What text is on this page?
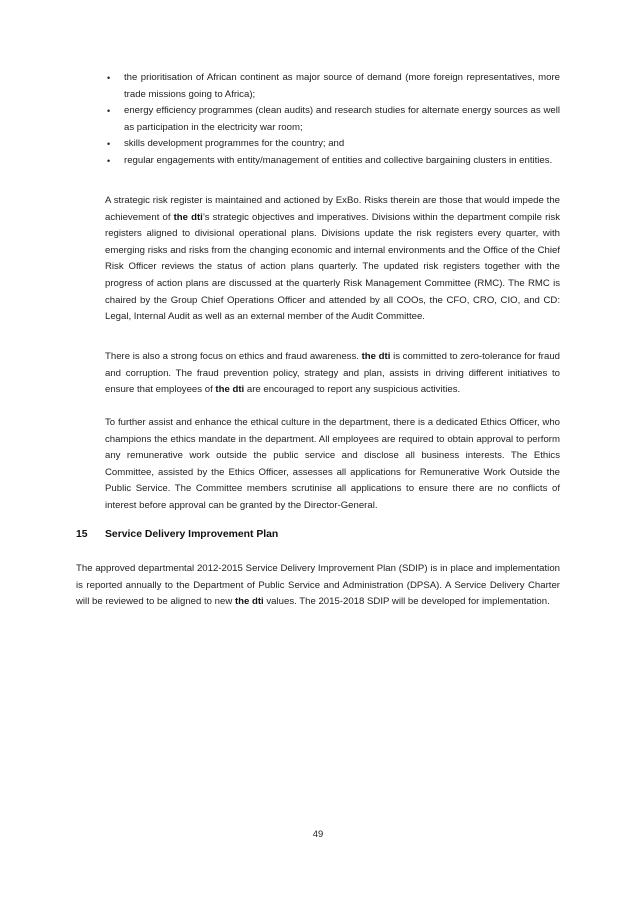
• the prioritisation of African continent as major source of demand (more foreign representatives, more trade missions going to Africa);
• energy efficiency programmes (clean audits) and research studies for alternate energy sources as well as participation in the electricity war room;
• skills development programmes for the country; and
• regular engagements with entity/management of entities and collective bargaining clusters in entities.

A strategic risk register is maintained and actioned by ExBo. Risks therein are those that would impede the achievement of the dti’s strategic objectives and imperatives. Divisions within the department compile risk registers aligned to divisional operational plans. Divisions update the risk registers every quarter, with emerging risks and risks from the changing economic and internal environments and the Office of the Chief Risk Officer reviews the status of action plans quarterly. The updated risk registers together with the progress of action plans are discussed at the quarterly Risk Management Committee (RMC). The RMC is chaired by the Group Chief Operations Officer and attended by all COOs, the CFO, CRO, CIO, and CD: Legal, Internal Audit as well as an external member of the Audit Committee.

There is also a strong focus on ethics and fraud awareness. the dti is committed to zero-tolerance for fraud and corruption. The fraud prevention policy, strategy and plan, assists in driving different initiatives to ensure that employees of the dti are encouraged to report any suspicious activities.

To further assist and enhance the ethical culture in the department, there is a dedicated Ethics Officer, who champions the ethics mandate in the department. All employees are required to obtain approval to perform any remunerative work outside the public service and disclose all business interests. The Ethics Committee, assisted by the Ethics Officer, assesses all applications for Remunerative Work Outside the Public Service. The Committee members scrutinise all applications to ensure there are no conflicts of interest before approval can be granted by the Director-General.

15 Service Delivery Improvement Plan

The approved departmental 2012-2015 Service Delivery Improvement Plan (SDIP) is in place and implementation is reported annually to the Department of Public Service and Administration (DPSA). A Service Delivery Charter will be reviewed to be aligned to new the dti values. The 2015-2018 SDIP will be developed for implementation.

49
